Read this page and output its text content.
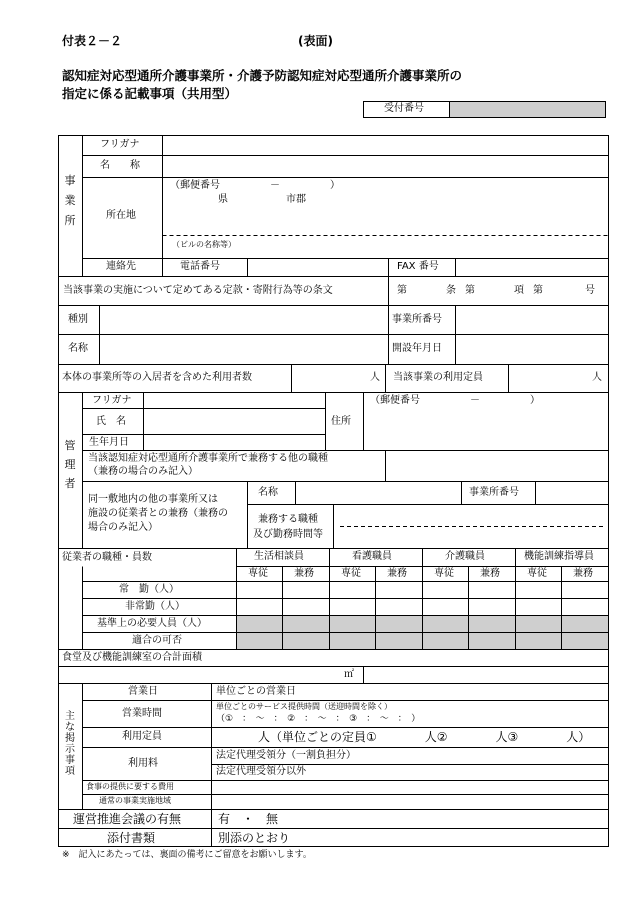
付表２－２	(表面)
認知症対応型通所介護事業所・介護予防認知症対応型通所介護事業所の
指定に係る記載事項（共用型）
受付番号
事
業
所
フリガナ
名　　称
所在地
（郵便番号　　　　　－　　　　　）
県	市郡
（ビルの名称等）
連絡先	電話番号	FAX 番号
当該事業の実施について定めてある定款・寄附行為等の条文	第	条 第	項 第	号
種別	事業所番号
名称	開設年月日
本体の事業所等の入居者を含めた利用者数	人 当該事業の利用定員	人
管
理
者
フリガナ
氏　名	住所
（郵便番号　　　　　－　　　　　）
生年月日
当該認知症対応型通所介護事業所で兼務する他の職種
（兼務の場合のみ記入）
同一敷地内の他の事業所又は
施設の従業者との兼務（兼務の
場合のみ記入）
名称	事業所番号
兼務する職種
及び勤務時間等
従業者の職種・員数	生活相談員	看護職員	介護職員	機能訓練指導員
専従	兼務	専従	兼務	専従	兼務	専従	兼務
常　勤（人）
非常勤（人）
基準上の必要人員（人）
適合の可否
食堂及び機能訓練室の合計面積
㎡
主
な
掲
示
事
項
営業日	単位ごとの営業日
営業時間
単位ごとのサービス提供時間（送迎時間を除く）
（①　：　～　：　②　：　～　：　③　：　～　：　）
利用定員	人（単位ごとの定員①　　　　人②　　　　人③　　　　人）
利用料
法定代理受領分（一割負担分）
法定代理受領分以外
食事の提供に要する費用
通常の事業実施地域
運営推進会議の有無	有　・　無
添付書類	別添のとおり
※　記入にあたっては、裏面の備考にご留意をお願いします。
